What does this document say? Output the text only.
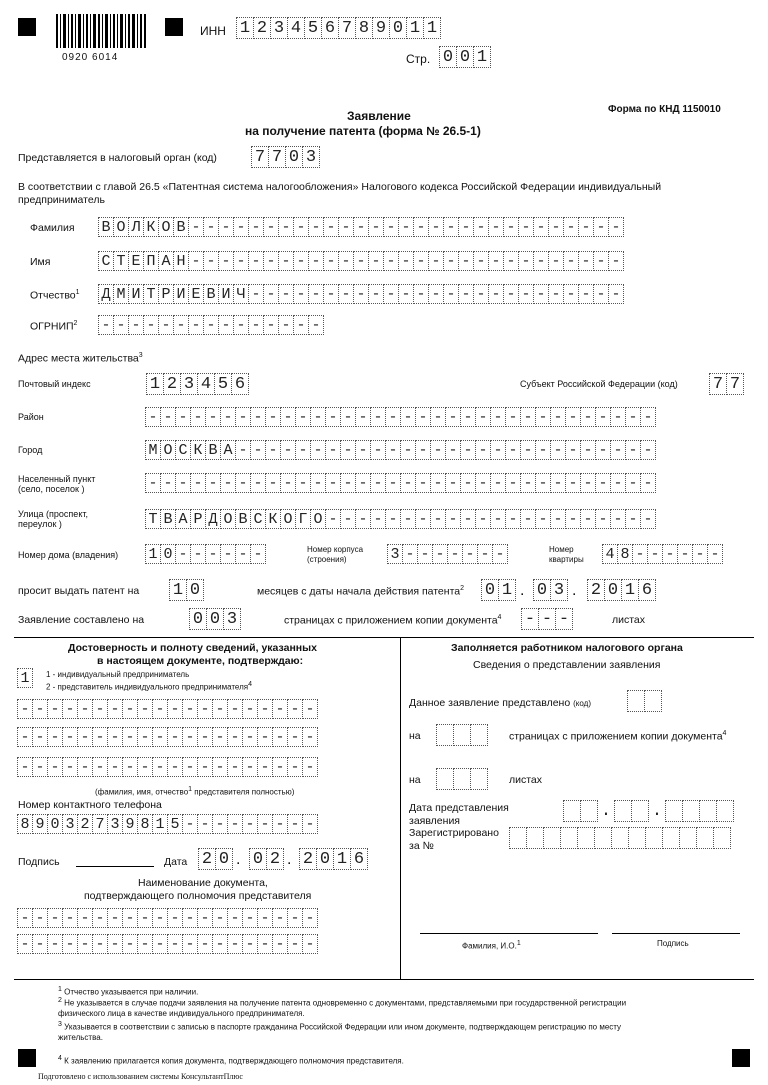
0920 6014
ИНН 1 2 3 4 5 6 7 8 9 0 1 1
Стр. 0 0 1
Форма по КНД 1150010
Заявление
на получение патента (форма № 26.5-1)
Представляется в налоговый орган (код) 7 7 0 3
В соответствии с главой 26.5 «Патентная система налогообложения» Налогового кодекса Российской Федерации индивидуальный
предприниматель
Фамилия В О Л К О В - - - - - - - - - - - - - - - - - - - - - - - - - - - - -
Имя	С Т Е П А Н - - - - - - - - - - - - - - - - - - - - - - - - - - - - -
Отчество$^1$ Д М И Т Р И Е В И Ч - - - - - - - - - - - - - - - - - - - - - - - - -
ОГРНИП$^2$ - - - - - - - - - - - - - - -
Адрес места жительства$^3$
Почтовый индекс	1 2 3 4 5 6	Субъект Российской Федерации (код) 7 7
Район	- - - - - - - - - - - - - - - - - - - - - - - - - - - - - - - - - -
Город	М О С К В А - - - - - - - - - - - - - - - - - - - - - - - - - - - -
Населенный пункт
(село, поселок )	- - - - - - - - - - - - - - - - - - - - - - - - - - - - - - - - - -
Улица (проспект,
переулок )	Т В А Р Д О В С К О Г О - - - - - - - - - - - - - - - - - - - - - -
Номер дома (владения) 1 0 - - - - - -	Номер корпуса
(строения)	3 - - - - - - -	Номер
квартиры 4 8 - - - - - -
просит выдать патент на 1 0	месяцев с даты начала действия патента$^2$ 0 1 . 0 3 . 2 0 1 6
Заявление составлено на	0 0 3	страницах с приложением копии документа$^4$ - - -	листах
Достоверность и полноту сведений, указанных
в настоящем документе, подтверждаю:
1	1 - индивидуальный предприниматель
2 - представитель индивидуального предпринимателя4
- - - - - - - - - - - - - - - - - - - -
- - - - - - - - - - - - - - - - - - - -
- - - - - - - - - - - - - - - - - - - -
(фамилия, имя, отчество1 представителя полностью)
Номер контактного телефона
8 9 0 3 2 7 3 9 8 1 5 - - - - - - - - -
Подпись	Дата 2 0 . 0 2 . 2 0 1 6
Наименование документа,
подтверждающего полномочия представителя
- - - - - - - - - - - - - - - - - - - -
- - - - - - - - - - - - - - - - - - - -
Заполняется работником налогового органа
Сведения о представлении заявления
Данное заявление представлено (код)
на	страницах с приложением копии документа$^4$
на	листах
Дата представления
заявления
. .
Зарегистрировано
за №
Фамилия, И.О.1	Подпись
1 Отчество указывается при наличии.
2 Не указывается в случае подачи заявления на получение патента одновременно с документами, представляемыми при государственной регистрации
физического лица в качестве индивидуального предпринимателя.
3 Указывается в соответствии с записью в паспорте гражданина Российской Федерации или ином документе, подтверждающем регистрацию по месту
жительства.
4 К заявлению прилагается копия документа, подтверждающего полномочия представителя.
Подготовлено с использованием системы КонсультантПлюс
